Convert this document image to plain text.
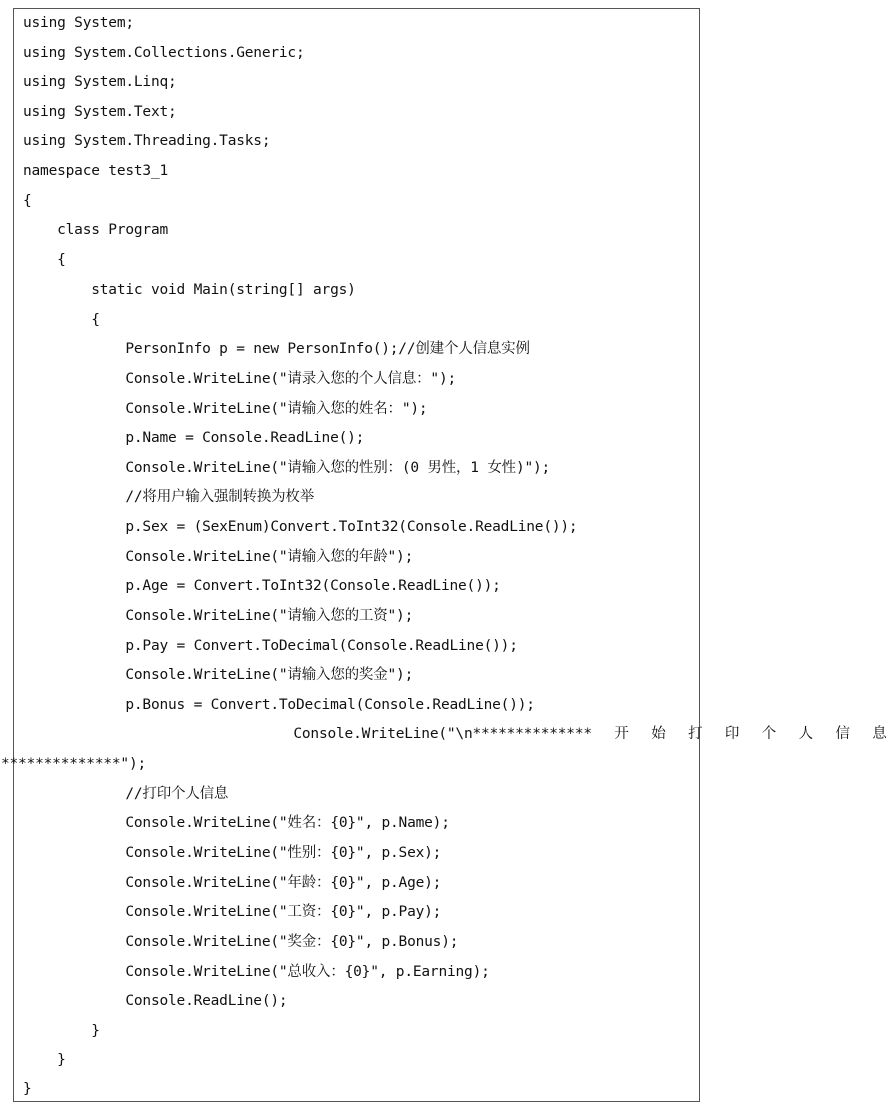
using System;
using System.Collections.Generic;
using System.Linq;
using System.Text;
using System.Threading.Tasks;
namespace test3_1
{
class Program
{
static void Main(string[] args)
{
PersonInfo p = new PersonInfo();//创建个人信息实例
Console.WriteLine("请录入您的个人信息：");
Console.WriteLine("请输入您的姓名：");
p.Name = Console.ReadLine();
Console.WriteLine("请输入您的性别：(0 男性，1 女性)");
//将用户输入强制转换为枚举
p.Sex = (SexEnum)Convert.ToInt32(Console.ReadLine());
Console.WriteLine("请输入您的年龄");
p.Age = Convert.ToInt32(Console.ReadLine());
Console.WriteLine("请输入您的工资");
p.Pay = Convert.ToDecimal(Console.ReadLine());
Console.WriteLine("请输入您的奖金");
p.Bonus = Convert.ToDecimal(Console.ReadLine());
Console.WriteLine("\n************** 开 始 打 印 个 人 信 息
**************");
//打印个人信息
Console.WriteLine("姓名：{0}", p.Name);
Console.WriteLine("性别：{0}", p.Sex);
Console.WriteLine("年龄：{0}", p.Age);
Console.WriteLine("工资：{0}", p.Pay);
Console.WriteLine("奖金：{0}", p.Bonus);
Console.WriteLine("总收入：{0}", p.Earning);
Console.ReadLine();
}
}
}
